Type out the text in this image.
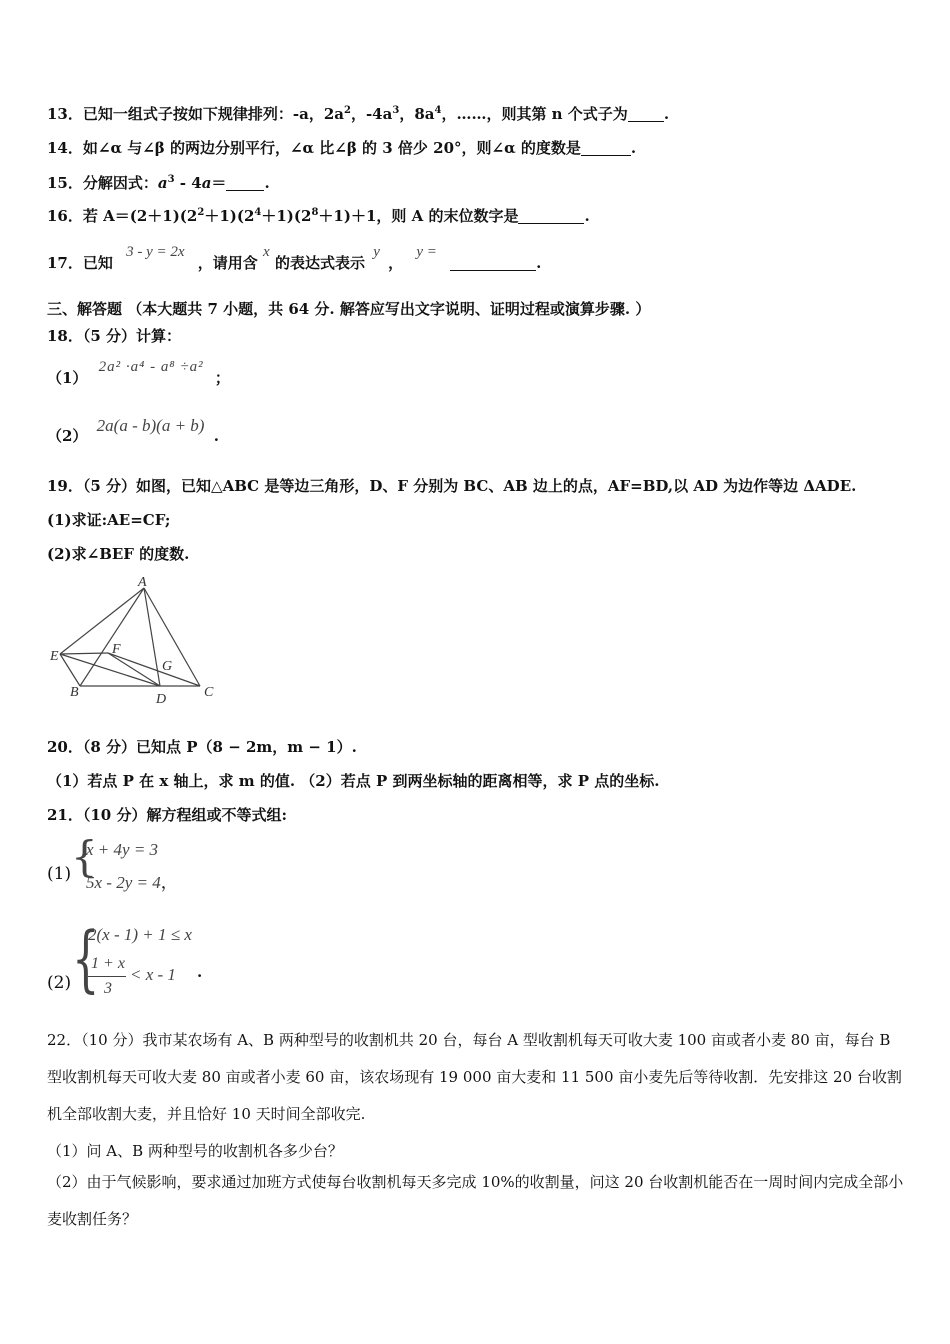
13．已知一组式子按如下规律排列：-a，$2a^2$，$-4a^3$，$8a^4$，……，则其第 n 个式子为 .
14．如∠α 与∠β 的两边分别平行，∠α 比∠β 的 3 倍少 20°，则∠α 的度数是	.
15．分解因式：$a^3 - 4a=$	.
16．若 $A=(2+1)(2^2+1)(2^4+1)(2^8+1)+1$，则 A 的末位数字是	.
17．已知 3 - y = 2x ，请用含 x 的表达式表示 y ， y = .
三、解答题 （本大题共 7 小题，共 64 分. 解答应写出文字说明、证明过程或演算步骤. ）
18．（5 分）计算：
（1） 2a² ·a⁴ - a⁸ ÷a² ；
（2） 2a(a - b)(a + b) .
19．（5 分）如图，已知△ABC 是等边三角形，D、F 分别为 BC、AB 边上的点，AF=BD,以 AD 为边作等边 ΔADE.
(1)求证:AE=CF;
(2)求∠BEF 的度数.
A
E	F
G
B	D	C
20．（8 分）已知点 P（8 − 2m，m − 1）.
（1）若点 P 在 x 轴上，求 m 的值. （2）若点 P 到两坐标轴的距离相等，求 P 点的坐标.
21．（10 分）解方程组或不等式组:
(1) {
x + 4y = 3
5x - 2y = 4，
(2) {
2(x - 1) + 1 ≤ x
1 + x
3
< x - 1 .
22．（10 分）我市某农场有 A、B 两种型号的收割机共 20 台，每台 A 型收割机每天可收大麦 100 亩或者小麦 80 亩，每台 B 型收割机每天可收大麦 80 亩或者小麦 60 亩，该农场现有 19 000 亩大麦和 11 500 亩小麦先后等待收割．先安排这 20 台收割机全部收割大麦，并且恰好 10 天时间全部收完.
（1）问 A、B 两种型号的收割机各多少台？
（2）由于气候影响，要求通过加班方式使每台收割机每天多完成 10%的收割量，问这 20 台收割机能否在一周时间内完成全部小麦收割任务？
